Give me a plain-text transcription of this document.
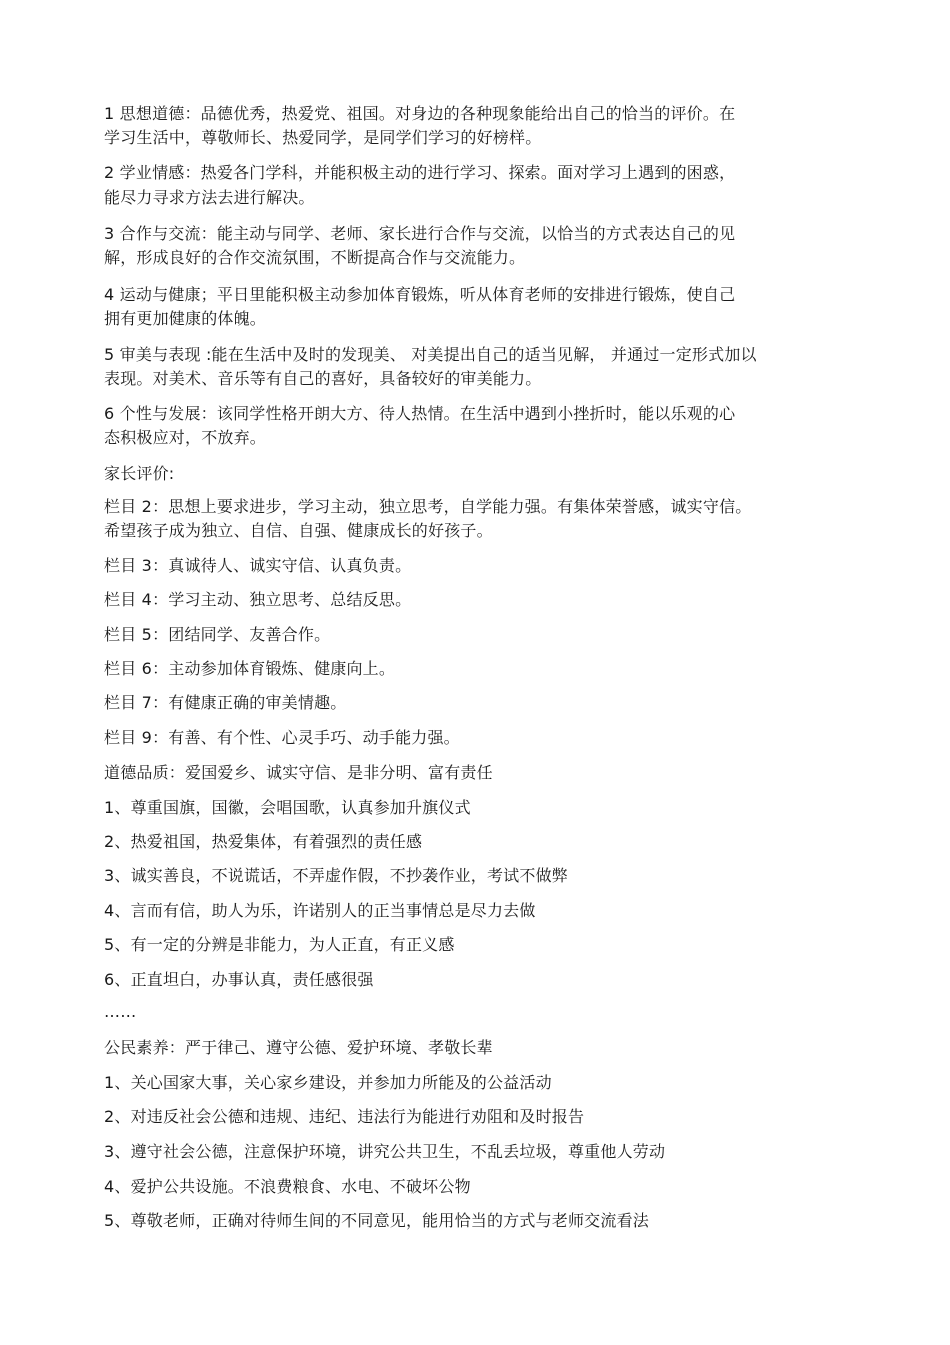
1 思想道德：品德优秀，热爱党、祖国。对身边的各种现象能给出自己的恰当的评价。在
学习生活中，尊敬师长、热爱同学，是同学们学习的好榜样。
2 学业情感：热爱各门学科，并能积极主动的进行学习、探索。面对学习上遇到的困惑，
能尽力寻求方法去进行解决。
3 合作与交流：能主动与同学、老师、家长进行合作与交流，以恰当的方式表达自己的见
解，形成良好的合作交流氛围，不断提高合作与交流能力。
4 运动与健康；平日里能积极主动参加体育锻炼，听从体育老师的安排进行锻炼，使自己
拥有更加健康的体魄。
5 审美与表现 :能在生活中及时的发现美、 对美提出自己的适当见解， 并通过一定形式加以
表现。对美术、音乐等有自己的喜好，具备较好的审美能力。
6 个性与发展：该同学性格开朗大方、待人热情。在生活中遇到小挫折时，能以乐观的心
态积极应对，不放弃。
家长评价:
栏目 2：思想上要求进步，学习主动，独立思考，自学能力强。有集体荣誉感，诚实守信。
希望孩子成为独立、自信、自强、健康成长的好孩子。
栏目 3：真诚待人、诚实守信、认真负责。
栏目 4：学习主动、独立思考、总结反思。
栏目 5：团结同学、友善合作。
栏目 6：主动参加体育锻炼、健康向上。
栏目 7：有健康正确的审美情趣。
栏目 9：有善、有个性、心灵手巧、动手能力强。
道德品质：爱国爱乡、诚实守信、是非分明、富有责任
1、尊重国旗，国徽，会唱国歌，认真参加升旗仪式
2、热爱祖国，热爱集体，有着强烈的责任感
3、诚实善良，不说谎话，不弄虚作假，不抄袭作业，考试不做弊
4、言而有信，助人为乐，许诺别人的正当事情总是尽力去做
5、有一定的分辨是非能力，为人正直，有正义感
6、正直坦白，办事认真，责任感很强
……
公民素养：严于律己、遵守公德、爱护环境、孝敬长辈
1、关心国家大事，关心家乡建设，并参加力所能及的公益活动
2、对违反社会公德和违规、违纪、违法行为能进行劝阻和及时报告
3、遵守社会公德，注意保护环境，讲究公共卫生，不乱丢垃圾，尊重他人劳动
4、爱护公共设施。不浪费粮食、水电、不破坏公物
5、尊敬老师，正确对待师生间的不同意见，能用恰当的方式与老师交流看法
